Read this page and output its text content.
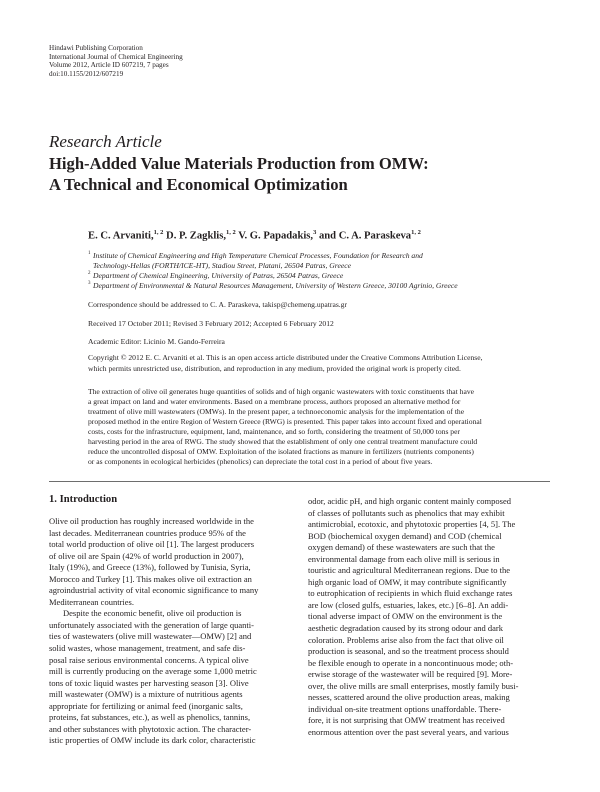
Hindawi Publishing Corporation
International Journal of Chemical Engineering
Volume 2012, Article ID 607219, 7 pages
doi:10.1155/2012/607219
Research Article
High-Added Value Materials Production from OMW:
A Technical and Economical Optimization
E. C. Arvaniti,$^{1, 2}$ D. P. Zagklis,$^{1, 2}$ V. G. Papadakis,$^3$ and C. A. Paraskeva$^{1, 2}$
1 Institute of Chemical Engineering and High Temperature Chemical Processes, Foundation for Research and
Technology-Hellas (FORTH/ICE-HT), Stadiou Street, Platani, 26504 Patras, Greece
2 Department of Chemical Engineering, University of Patras, 26504 Patras, Greece
3 Department of Environmental & Natural Resources Management, University of Western Greece, 30100 Agrinio, Greece
Correspondence should be addressed to C. A. Paraskeva, takisp@chemeng.upatras.gr
Received 17 October 2011; Revised 3 February 2012; Accepted 6 February 2012
Academic Editor: Licinio M. Gando-Ferreira
Copyright © 2012 E. C. Arvaniti et al. This is an open access article distributed under the Creative Commons Attribution License,
which permits unrestricted use, distribution, and reproduction in any medium, provided the original work is properly cited.
The extraction of olive oil generates huge quantities of solids and of high organic wastewaters with toxic constituents that have
a great impact on land and water environments. Based on a membrane process, authors proposed an alternative method for
treatment of olive mill wastewaters (OMWs). In the present paper, a technoeconomic analysis for the implementation of the
proposed method in the entire Region of Western Greece (RWG) is presented. This paper takes into account fixed and operational
costs, costs for the infrastructure, equipment, land, maintenance, and so forth, considering the treatment of 50,000 tons per
harvesting period in the area of RWG. The study showed that the establishment of only one central treatment manufacture could
reduce the uncontrolled disposal of OMW. Exploitation of the isolated fractions as manure in fertilizers (nutrients components)
or as components in ecological herbicides (phenolics) can depreciate the total cost in a period of about five years.
1. Introduction
Olive oil production has roughly increased worldwide in the
last decades. Mediterranean countries produce 95% of the
total world production of olive oil [1]. The largest producers
of olive oil are Spain (42% of world production in 2007),
Italy (19%), and Greece (13%), followed by Tunisia, Syria,
Morocco and Turkey [1]. This makes olive oil extraction an
agroindustrial activity of vital economic significance to many
Mediterranean countries.
Despite the economic benefit, olive oil production is
unfortunately associated with the generation of large quanti-
ties of wastewaters (olive mill wastewater—OMW) [2] and
solid wastes, whose management, treatment, and safe dis-
posal raise serious environmental concerns. A typical olive
mill is currently producing on the average some 1,000 metric
tons of toxic liquid wastes per harvesting season [3]. Olive
mill wastewater (OMW) is a mixture of nutritious agents
appropriate for fertilizing or animal feed (inorganic salts,
proteins, fat substances, etc.), as well as phenolics, tannins,
and other substances with phytotoxic action. The character-
istic properties of OMW include its dark color, characteristic
odor, acidic pH, and high organic content mainly composed
of classes of pollutants such as phenolics that may exhibit
antimicrobial, ecotoxic, and phytotoxic properties [4, 5]. The
BOD (biochemical oxygen demand) and COD (chemical
oxygen demand) of these wastewaters are such that the
environmental damage from each olive mill is serious in
touristic and agricultural Mediterranean regions. Due to the
high organic load of OMW, it may contribute significantly
to eutrophication of recipients in which fluid exchange rates
are low (closed gulfs, estuaries, lakes, etc.) [6–8]. An addi-
tional adverse impact of OMW on the environment is the
aesthetic degradation caused by its strong odour and dark
coloration. Problems arise also from the fact that olive oil
production is seasonal, and so the treatment process should
be flexible enough to operate in a noncontinuous mode; oth-
erwise storage of the wastewater will be required [9]. More-
over, the olive mills are small enterprises, mostly family busi-
nesses, scattered around the olive production areas, making
individual on-site treatment options unaffordable. There-
fore, it is not surprising that OMW treatment has received
enormous attention over the past several years, and various
